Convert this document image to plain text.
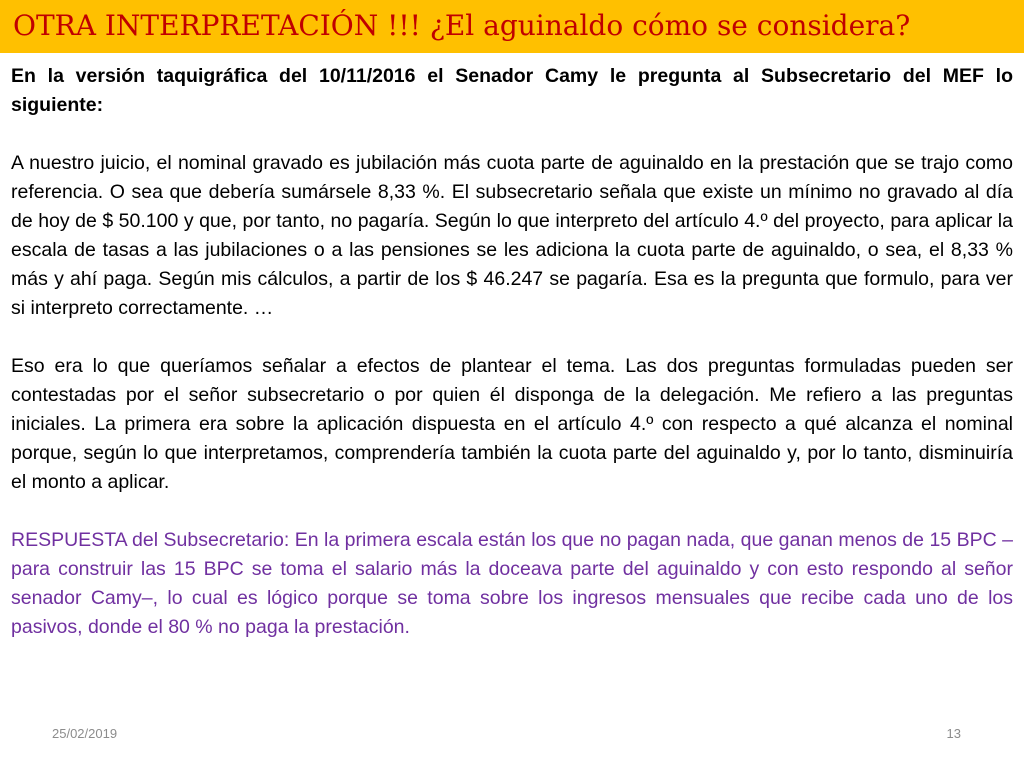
OTRA INTERPRETACIÓN !!! ¿El aguinaldo cómo se considera?

En la versión taquigráfica del 10/11/2016 el Senador Camy le pregunta al Subsecretario del MEF lo siguiente:

A nuestro juicio, el nominal gravado es jubilación más cuota parte de aguinaldo en la prestación que se trajo como referencia. O sea que debería sumársele 8,33 %. El subsecretario señala que existe un mínimo no gravado al día de hoy de $ 50.100 y que, por tanto, no pagaría. Según lo que interpreto del artículo 4.º del proyecto, para aplicar la escala de tasas a las jubilaciones o a las pensiones se les adiciona la cuota parte de aguinaldo, o sea, el 8,33 % más y ahí paga. Según mis cálculos, a partir de los $ 46.247 se pagaría. Esa es la pregunta que formulo, para ver si interpreto correctamente. …

Eso era lo que queríamos señalar a efectos de plantear el tema. Las dos preguntas formuladas pueden ser contestadas por el señor subsecretario o por quien él disponga de la delegación. Me refiero a las preguntas iniciales. La primera era sobre la aplicación dispuesta en el artículo 4.º con respecto a qué alcanza el nominal porque, según lo que interpretamos, comprendería también la cuota parte del aguinaldo y, por lo tanto, disminuiría el monto a aplicar.

RESPUESTA del Subsecretario: En la primera escala están los que no pagan nada, que ganan menos de 15 BPC –para construir las 15 BPC se toma el salario más la doceava parte del aguinaldo y con esto respondo al señor senador Camy–, lo cual es lógico porque se toma sobre los ingresos mensuales que recibe cada uno de los pasivos, donde el 80 % no paga la prestación.

25/02/2019	13
